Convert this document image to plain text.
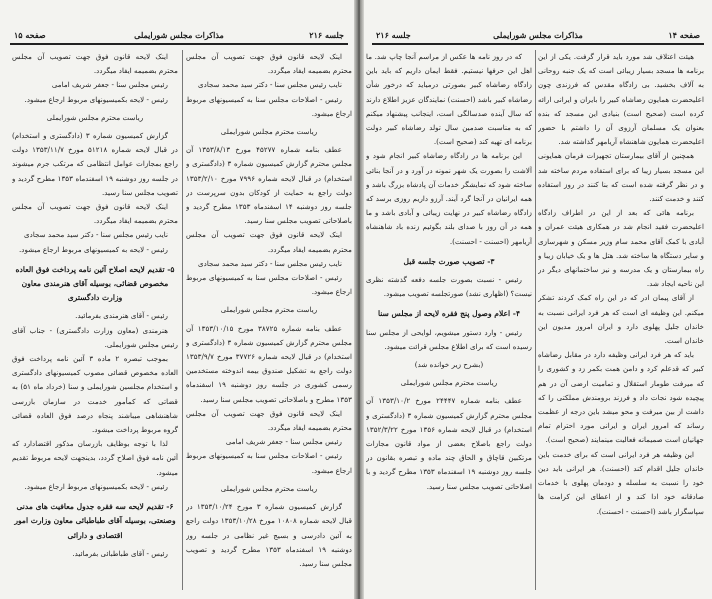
صفحه ۱۵	مذاکرات مجلس شورایملی	جلسه ۲۱۶

اینک لایحه قانون فوق جهت تصویب آن مجلس محترم بضمیمه ایفاد میگردد.

نایب رئیس مجلس سنا - دکتر سید محمد سجادی

رئیس - اصلاحات مجلس سنا به کمیسیونهای مربوط ارجاع میشود.

ریاست محترم مجلس شورایملی

عطف بنامه شماره ۴۵۲۷۷ مورخ ۱۳۵۳/۸/۱۳ آن مجلس محترم گزارش کمیسیون شماره ۳ (دادگستری و استخدام) در قبال لایحه شماره ۷۹۹۶ مورخ ۱۳۵۳/۲/۱۰ دولت راجع به حمایت از کودکان بدون سرپرست در جلسه روز دوشنبه ۱۴ اسفندماه ۱۳۵۳ مطرح گردید و باصلاحاتی تصویب مجلس سنا رسید.

اینک لایحه قانون فوق جهت تصویب آن مجلس محترم بضمیمه ایفاد میگردد.

نایب رئیس مجلس سنا - دکتر سید محمد سجادی

رئیس - اصلاحات مجلس سنا به کمیسیونهای مربوط ارجاع میشود.

ریاست محترم مجلس شورایملی

عطف بنامه شماره ۳۸۷۲۵ مورخ ۱۳۵۳/۱۰/۱۵ آن مجلس محترم گزارش کمیسیون شماره ۳ (دادگستری و استخدام) در قبال لایحه شماره ۳۷۷۲۶ مورخ ۱۳۵۳/۹/۷ دولت راجع به تشکیل صندوق بیمه اندوخته مستخدمین رسمی کشوری در جلسه روز دوشنبه ۱۹ اسفندماه ۱۳۵۳ مطرح و باصلاحاتی تصویب مجلس سنا رسید.

اینک لایحه قانون فوق جهت تصویب آن مجلس محترم بضمیمه ایفاد میگردد.

رئیس مجلس سنا - جعفر شریف امامی

رئیس - اصلاحات مجلس سنا به کمیسیونهای مربوط ارجاع میشود.

ریاست محترم مجلس شورایملی

گزارش کمیسیون شماره ۳ مورخ ۱۳۵۳/۱۰/۲۴ در قبال لایحه شماره ۱۰۸۰۸ مورخ ۱۳۵۳/۱۰/۲۸ دولت راجع به آئین دادرسی و بسیج غیر نظامی در جلسه روز دوشنبه ۱۹ اسفندماه ۱۳۵۳ مطرح گردید و تصویب مجلس سنا رسید.

اینک لایحه قانون فوق جهت تصویب آن مجلس محترم بضمیمه ایفاد میگردد.

رئیس مجلس سنا - جعفر شریف امامی

رئیس - لایحه بکمیسیونهای مربوط ارجاع میشود.

ریاست محترم مجلس شورایملی

گزارش کمیسیون شماره ۳ (دادگستری و استخدام) در قبال لایحه شماره ۵۱۲۱۸ مورخ ۱۳۵۳/۱۱/۷ دولت راجع بمجازات عوامل انتظامی که مرتکب جرم میشوند در جلسه روز دوشنبه ۱۹ اسفندماه ۱۳۵۳ مطرح گردید و تصویب مجلس سنا رسید.

اینک لایحه قانون فوق جهت تصویب آن مجلس محترم بضمیمه ایفاد میگردد.

نایب رئیس مجلس سنا - دکتر سید محمد سجادی

رئیس - لایحه به کمیسیونهای مربوط ارجاع میشود.

۵- تقدیم لایحه اصلاح آئین نامه پرداخت فوق العاده مخصوص قضائی، بوسیله آقای هنرمندی معاون وزارت دادگستری

رئیس - آقای هنرمندی بفرمائید.

هنرمندی (معاون وزارت دادگستری) - جناب آقای رئیس مجلس شورایملی.

بموجب تبصره ۲ ماده ۳ آئین نامه پرداخت فوق العاده مخصوص قضائی مصوب کمیسیونهای دادگستری و استخدام مجلسین شورایملی و سنا (خرداد ماه ۵۱) به قضاتی که کمأمور خدمت در سازمان بازرسی شاهنشاهی میباشند پنجاه درصد فوق العاده قضائی گروه مربوط پرداخت میشود.

لذا با توجه بوظایف بازرسان مذکور اقتضادارد که آئین نامه فوق اصلاح گردد، بدینجهت لایحه مربوط تقدیم میشود.

رئیس - لایحه بکمیسیونهای مربوط ارجاع میشود.

۶- تقدیم لایحه سه فقره جدول معافیت های مدنی وصنعتی، بوسیله آقای طباطبائی معاون وزارت امور اقتصادی و دارائی

رئیس - آقای طباطبائی بفرمائید.

صفحه ۱۴
مذاکرات مجلس شورایملی
جلسه ۲۱۶

هیئت اعتلاف شد مورد باید قرار گرفت. یکی از این برنامه ها مسجد بسیار زیبائی است که یک جنبه روحانی به آلاف بخشید. بی زادگاه مقدس که فرزندی چون اعلیحضرت همایون رضاشاه کبیر را بایران و ایرانی ارائه کرده است (صحیح است) بنیادی این مسجد که بنده بعنوان یک مسلمان آرزوی آن را داشتم با حضور اعلیحضرت همایون شاهنشاه آریامهر گذاشته شد.

همچنین از آقای بیمارستان تجهیزات فرمان همایونی این مسجد بسیار زیبا که برای استفاده مردم ساخته شد و در نظر گرفته شده است که بنا کنند در روز استفاده کنند و خدمت کنند.

برنامه هائی که بعد از این در اطراف زادگاه اعلیحضرت فقید انجام شد در همکاری هیئت عمران و آبادی با کمک آقای محمد سام وزیر مسکن و شهرسازی و سایر دستگاه ها ساخته شد. هتل ها و یک خیابان زیبا و راه بیمارستان و یک مدرسه و نیز ساختمانهای دیگر در این ناحیه ایجاد شد.

از آقای پیمان ادر که در این راه کمک کردند تشکر میکنم. این وظیفه ای است که هر فرد ایرانی نسبت به خاندان جلیل پهلوی دارد و ایران امروز مدیون این خاندان است.

باید که هر فرد ایرانی وظیفه دارد در مقابل رضاشاه کبیر که قدعلم کرد و دامن همت بکمر زد و کشوری را که میرفت طومار استقلال و تمامیت ارضی آن در هم پیچیده شود نجات داد و فرزند برومندش مملکتی را که داشت از بین میرفت و محو میشد باین درجه از عظمت رساند که امروز ایران و ایرانی مورد احترام تمام جهانیان است صمیمانه فعالیت مینمایند (صحیح است).

این وظیفه هر فرد ایرانی است که برای خدمت باین خاندان جلیل اقدام کند (احسنت). هر ایرانی باید دین خود را نسبت به سلسله و دودمان پهلوی با خدمات صادقانه خود ادا کند و از اعطای این کرامت ها سپاسگزار باشد (احسنت - احسنت).

که در روز نامه ها عکس از مراسم آنجا چاپ شد. ما اهل این حرفها نیستیم. فقط ایمان داریم که باید باین زادگاه رضاشاه کبیر بصورتی درمیاید که درخور شأن رضاشاه کبیر باشد (احسنت) نمایندگان عزیز اطلاع دارند که سال آینده صدسالگی است، اینجانب پیشنهاد میکنم که به مناسبت صدمین سال تولد رضاشاه کبیر دولت برنامه ای تهیه کند (صحیح است).

این برنامه ها در زادگاه رضاشاه کبیر انجام شود و آلاشت را بصورت یک شهر نمونه در آورد و در آنجا بنائی ساخته شود که نمایشگر خدمات آن پادشاه بزرگ باشد و همه ایرانیان در آنجا گرد آیند. آرزو داریم روزی برسد که زادگاه رضاشاه کبیر در نهایت زیبائی و آبادی باشد و ما همه در آن روز با صدای بلند بگوئیم زنده باد شاهنشاه آریامهر (احسنت - احسنت).

۳- تصویب صورت جلسه قبل

رئیس - نسبت بصورت جلسه دفعه گذشته نظری نیست؟ (اظهاری نشد) صورتجلسه تصویب میشود.

۴- اعلام وصول پنج فقره لایحه از مجلس سنا

رئیس - وارد دستور میشویم، لوایحی از مجلس سنا رسیده است که برای اطلاع مجلس قرائت میشود.

(بشرح زیر خوانده شد)
ریاست محترم مجلس شورایملی

عطف بنامه شماره ۲۴۴۴۷ مورخ ۱۳۵۳/۱۰/۲ آن مجلس محترم گزارش کمیسیون شماره ۳ (دادگستری و استخدام) در قبال لایحه شماره ۱۳۵۶ مورخ ۱۳۵۲/۳/۲۲ دولت راجع باصلاح بعضی از مواد قانون مجازات مرتکبین قاچاق و الحاق چند ماده و تبصره بقانون در جلسه روز دوشنبه ۱۹ اسفندماه ۱۳۵۳ مطرح گردید و با اصلاحاتی تصویب مجلس سنا رسید.
